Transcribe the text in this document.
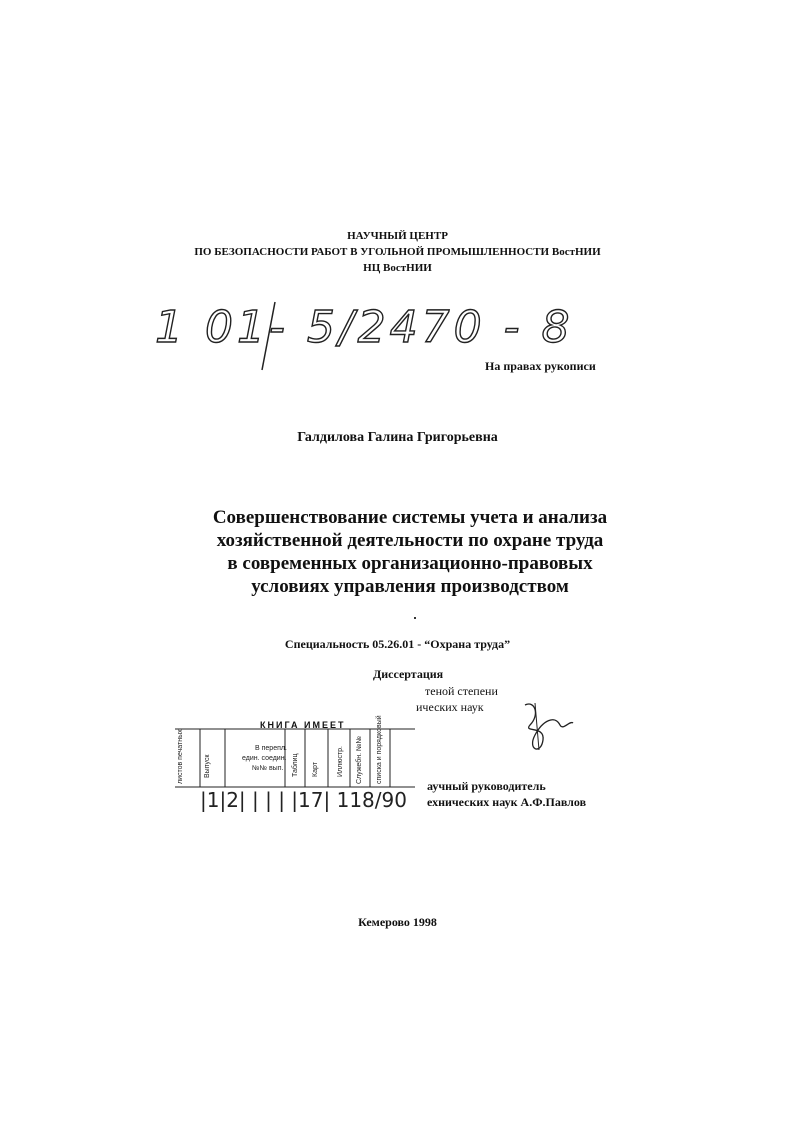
НАУЧНЫЙ ЦЕНТР
ПО БЕЗОПАСНОСТИ РАБОТ В УГОЛЬНОЙ ПРОМЫШЛЕННОСТИ ВостНИИ
НЦ ВостНИИ
1 01- 5/2470 - 8
На правах рукописи
Галдилова Галина Григорьевна
Совершенствование системы учета и анализа
хозяйственной деятельности по охране труда
в современных организационно-правовых
условиях управления производством
Специальность 05.26.01 - “Охрана труда”
Диссертация
теной степени
ических наук
аучный руководитель
ехнических наук А.Ф.Павлов
|1|2| | | | |17| 118/90
КНИГА ИМЕЕТ
листов печатных	Выпуск
В перепл.
един. соедин.
№№ вып. Таблиц Карт	Иллюстр. Служебн. №№ списка и порядковый
Кемерово 1998
